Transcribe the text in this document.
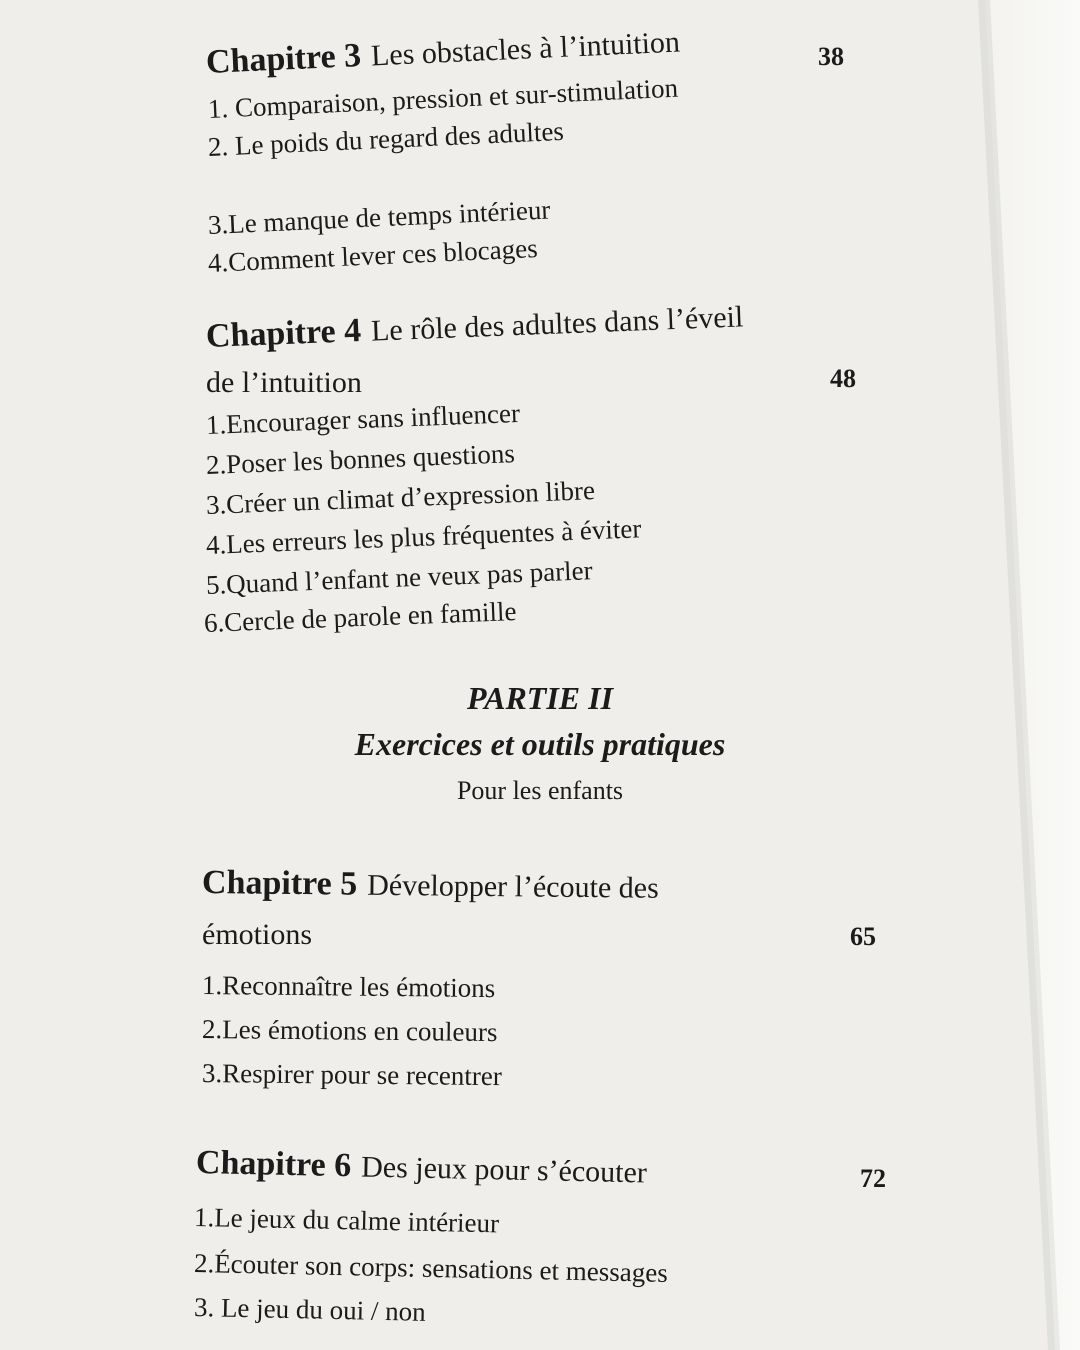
Chapitre 3 Les obstacles à l’intuition	38
1. Comparaison, pression et sur-stimulation
2. Le poids du regard des adultes
3.Le manque de temps intérieur
4.Comment lever ces blocages
Chapitre 4 Le rôle des adultes dans l’éveil
de l’intuition	48
1.Encourager sans influencer
2.Poser les bonnes questions
3.Créer un climat d’expression libre
4.Les erreurs les plus fréquentes à éviter
5.Quand l’enfant ne veux pas parler
6.Cercle de parole en famille
PARTIE II
Exercices et outils pratiques
Pour les enfants
Chapitre 5 Développer l’écoute des
émotions	65
1.Reconnaître les émotions
2.Les émotions en couleurs
3.Respirer pour se recentrer
Chapitre 6 Des jeux pour s’écouter	72
1.Le jeux du calme intérieur
2.Écouter son corps: sensations et messages
3. Le jeu du oui / non
